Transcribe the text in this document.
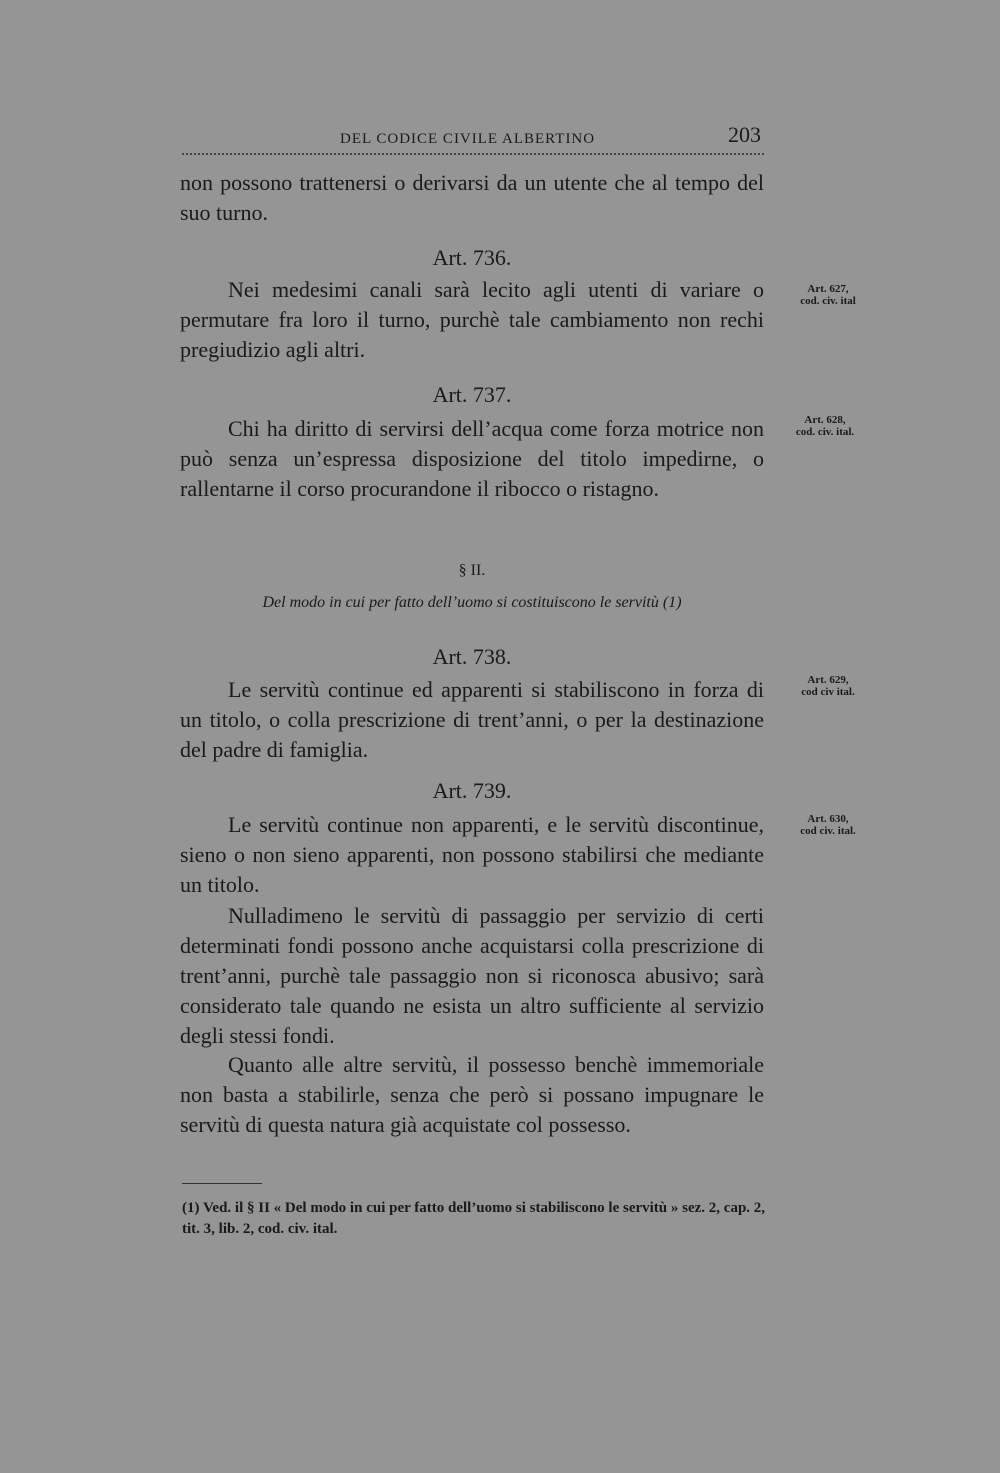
DEL CODICE CIVILE ALBERTINO	203
non possono trattenersi o derivarsi da un utente che al tempo del suo turno.
Art. 736.
Nei medesimi canali sarà lecito agli utenti di variare o permutare fra loro il turno, purchè tale cambiamento non rechi pregiudizio agli altri.
Art. 627,
cod. civ. ital
Art. 737.
Chi ha diritto di servirsi dell’acqua come forza motrice non può senza un’espressa disposizione del titolo impedirne, o rallentarne il corso procurandone il ribocco o ristagno.
Art. 628,
cod. civ. ital.
§ II.
Del modo in cui per fatto dell’uomo si costituiscono le servitù (1)
Art. 738.
Le servitù continue ed apparenti si stabiliscono in forza di un titolo, o colla prescrizione di trent’anni, o per la destinazione del padre di famiglia.
Art. 629,
cod civ ital.
Art. 739.
Le servitù continue non apparenti, e le servitù discontinue, sieno o non sieno apparenti, non possono stabilirsi che mediante un titolo.
Art. 630,
cod civ. ital.
Nulladimeno le servitù di passaggio per servizio di certi determinati fondi possono anche acquistarsi colla prescrizione di trent’anni, purchè tale passaggio non si riconosca abusivo; sarà considerato tale quando ne esista un altro sufficiente al servizio degli stessi fondi.
Quanto alle altre servitù, il possesso benchè immemoriale non basta a stabilirle, senza che però si possano impugnare le servitù di questa natura già acquistate col possesso.
(1) Ved. il § II « Del modo in cui per fatto dell’uomo si stabiliscono le servitù » sez. 2, cap. 2, tit. 3, lib. 2, cod. civ. ital.
